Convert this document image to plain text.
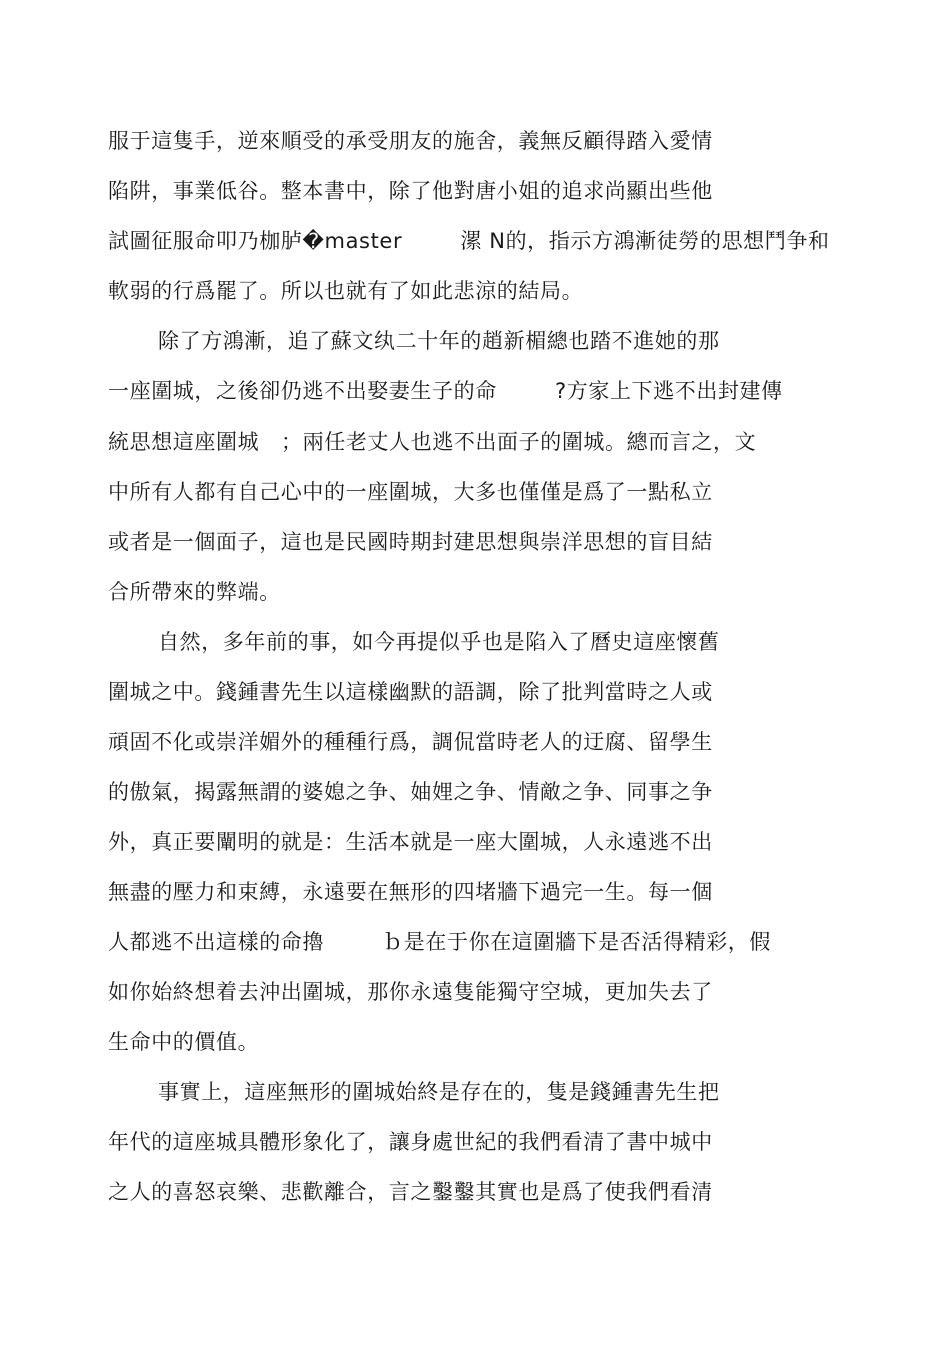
服于這隻手，逆來順受的承受朋友的施舍，義無反顧得踏入愛情
陷阱，事業低谷。整本書中，除了他對唐小姐的追求尚顯出些他
試圖征服命叩乃枷胪�master        漯 N的，指示方鴻漸徒勞的思想鬥争和
軟弱的行爲罷了。所以也就有了如此悲涼的結局。
除了方鴻漸，追了蘇文纨二十年的趙新楣總也踏不進她的那
一座圍城，之後卻仍逃不出娶妻生子的命        ?方家上下逃不出封建傳
統思想這座圍城   ；兩任老丈人也逃不出面子的圍城。總而言之，文
中所有人都有自己心中的一座圍城，大多也僅僅是爲了一點私立
或者是一個面子，這也是民國時期封建思想與崇洋思想的盲目結
合所帶來的弊端。
自然，多年前的事，如今再提似乎也是陷入了曆史這座懷舊
圍城之中。錢鍾書先生以這樣幽默的語調，除了批判當時之人或
頑固不化或崇洋媚外的種種行爲，調侃當時老人的迂腐、留學生
的傲氣，揭露無謂的婆媳之争、妯娌之争、情敵之争、同事之争
外，真正要闡明的就是：生活本就是一座大圍城，人永遠逃不出
無盡的壓力和束縛，永遠要在無形的四堵牆下過完一生。每一個
人都逃不出這樣的命擼        ｂ是在于你在這圍牆下是否活得精彩，假
如你始終想着去沖出圍城，那你永遠隻能獨守空城，更加失去了
生命中的價值。
事實上，這座無形的圍城始終是存在的，隻是錢鍾書先生把
年代的這座城具體形象化了，讓身處世紀的我們看清了書中城中
之人的喜怒哀樂、悲歡離合，言之鑿鑿其實也是爲了使我們看清
